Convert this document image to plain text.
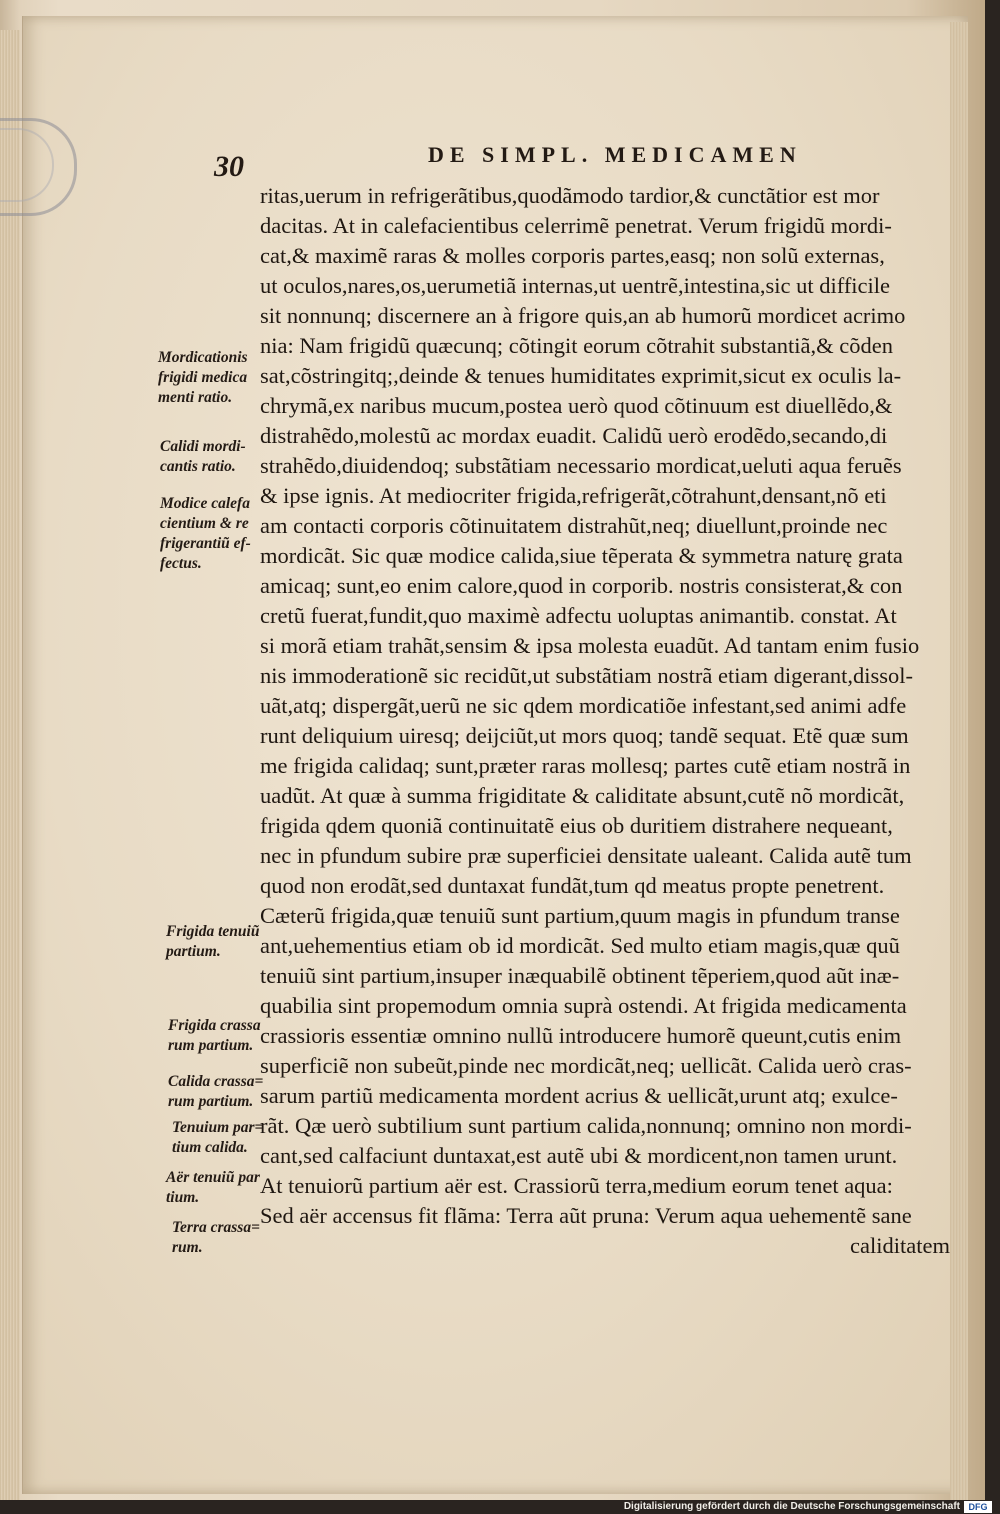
30	DE SIMPL. MEDICAMEN
ritas,uerum in refrigerãtibus,quodãmodo tardior,& cunctãtior est mor
dacitas. At in calefacientibus celerrimẽ penetrat. Verum frigidũ mordi-
cat,& maximẽ raras & molles corporis partes,easq; non solũ externas,
ut oculos,nares,os,uerumetiã internas,ut uentrẽ,intestina,sic ut difficile
sit nonnunq; discernere an à frigore quis,an ab humorũ mordicet acrimo
nia: Nam frigidũ quæcunq; cõtingit eorum cõtrahit substantiã,& cõden
sat,cõstringitq;,deinde & tenues humiditates exprimit,sicut ex oculis la-
chrymã,ex naribus mucum,postea uerò quod cõtinuum est diuellẽdo,&
distrahẽdo,molestũ ac mordax euadit. Calidũ uerò erodẽdo,secando,di
strahẽdo,diuidendoq; substãtiam necessario mordicat,ueluti aqua feruẽs
& ipse ignis. At mediocriter frigida,refrigerãt,cõtrahunt,densant,nõ eti
am contacti corporis cõtinuitatem distrahũt,neq; diuellunt,proinde nec
mordicãt. Sic quæ modice calida,siue tẽperata & symmetra naturę grata
amicaq; sunt,eo enim calore,quod in corporib. nostris consisterat,& con
cretũ fuerat,fundit,quo maximè adfectu uoluptas animantib. constat. At
si morã etiam trahãt,sensim & ipsa molesta euadũt. Ad tantam enim fusio
nis immoderationẽ sic recidũt,ut substãtiam nostrã etiam digerant,dissol-
uãt,atq; dispergãt,uerũ ne sic qdem mordicatiõe infestant,sed animi adfe
runt deliquium uiresq; deijciũt,ut mors quoq; tandẽ sequat. Etẽ quæ sum
me frigida calidaq; sunt,præter raras mollesq; partes cutẽ etiam nostrã in
uadũt. At quæ à summa frigiditate & caliditate absunt,cutẽ nõ mordicãt,
frigida qdem quoniã continuitatẽ eius ob duritiem distrahere nequeant,
nec in pfundum subire præ superficiei densitate ualeant. Calida autẽ tum
quod non erodãt,sed duntaxat fundãt,tum qd meatus propte penetrent.
Cæterũ frigida,quæ tenuiũ sunt partium,quum magis in pfundum transe
ant,uehementius etiam ob id mordicãt. Sed multo etiam magis,quæ quũ
tenuiũ sint partium,insuper inæquabilẽ obtinent tẽperiem,quod aũt inæ-
quabilia sint propemodum omnia suprà ostendi. At frigida medicamenta
crassioris essentiæ omnino nullũ introducere humorẽ queunt,cutis enim
superficiẽ non subeũt,pinde nec mordicãt,neq; uellicãt. Calida uerò cras-
sarum partiũ medicamenta mordent acrius & uellicãt,urunt atq; exulce-
rãt. Qæ uerò subtilium sunt partium calida,nonnunq; omnino non mordi-
cant,sed calfaciunt duntaxat,est autẽ ubi & mordicent,non tamen urunt.
At tenuiorũ partium aër est. Crassiorũ terra,medium eorum tenet aqua:
Sed aër accensus fit flãma: Terra aũt pruna: Verum aqua uehementẽ sane
caliditatem
Mordicationis
frigidi medica
menti ratio.
Calidi mordi-
cantis ratio.
Modice calefa
cientium & re
frigerantiũ ef-
fectus.
Frigida tenuiũ
partium.
Frigida crassa
rum partium.
Calida crassa=
rum partium.
Tenuium par=
tium calida.
Aër tenuiũ par
tium.
Terra crassa=
rum.
Digitalisierung gefördert durch die Deutsche Forschungsgemeinschaft DFG
